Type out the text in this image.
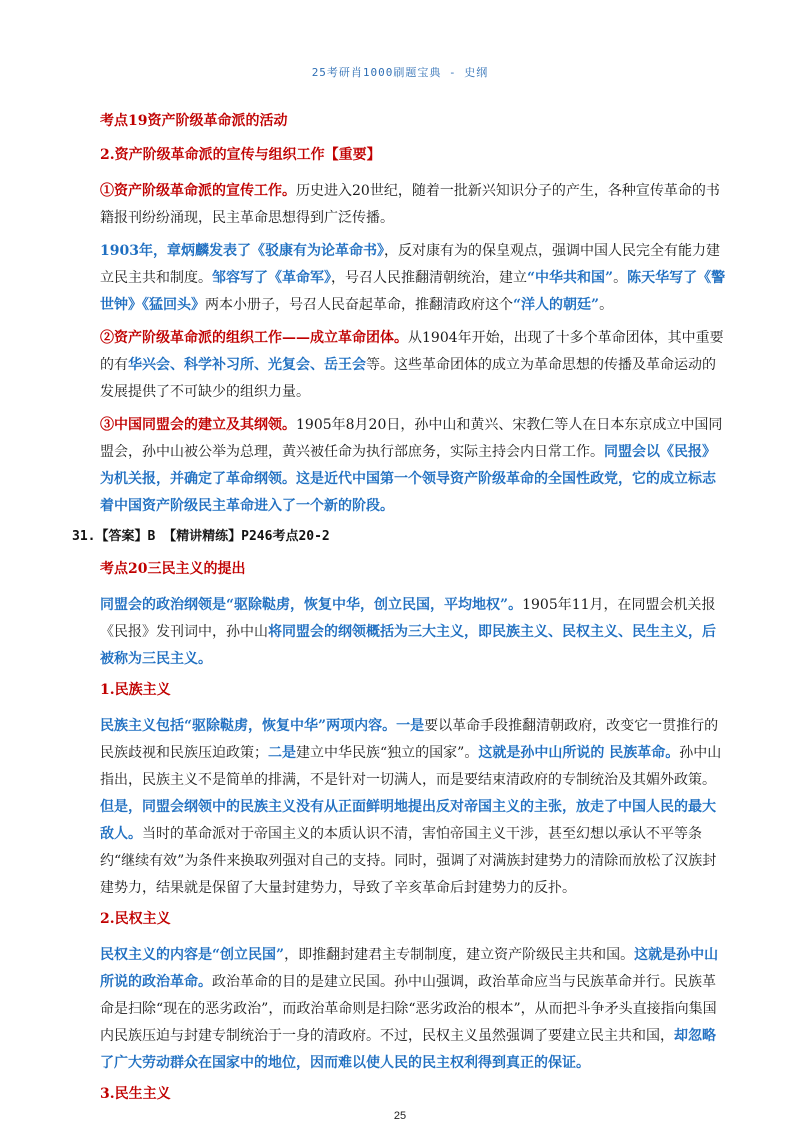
25考研肖1000刷题宝典 - 史纲
考点19资产阶级革命派的活动
2.资产阶级革命派的宣传与组织工作【重要】

①资产阶级革命派的宣传工作。历史进入20世纪，随着一批新兴知识分子的产生，各种宣传革命的书籍报刊纷纷涌现，民主革命思想得到广泛传播。

1903年，章炳麟发表了《驳康有为论革命书》，反对康有为的保皇观点，强调中国人民完全有能力建立民主共和制度。邹容写了《革命军》，号召人民推翻清朝统治，建立“中华共和国”。陈天华写了《警世钟》《猛回头》两本小册子，号召人民奋起革命，推翻清政府这个“洋人的朝廷”。

②资产阶级革命派的组织工作——成立革命团体。从1904年开始，出现了十多个革命团体，其中重要的有华兴会、科学补习所、光复会、岳王会等。这些革命团体的成立为革命思想的传播及革命运动的发展提供了不可缺少的组织力量。

③中国同盟会的建立及其纲领。1905年8月20日，孙中山和黄兴、宋教仁等人在日本东京成立中国同盟会，孙中山被公举为总理，黄兴被任命为执行部庶务，实际主持会内日常工作。同盟会以《民报》为机关报，并确定了革命纲领。这是近代中国第一个领导资产阶级革命的全国性政党，它的成立标志着中国资产阶级民主革命进入了一个新的阶段。

31.【答案】B 【精讲精练】P246考点20-2
考点20三民主义的提出

同盟会的政治纲领是“驱除鞑虏，恢复中华，创立民国，平均地权”。1905年11月，在同盟会机关报《民报》发刊词中，孙中山将同盟会的纲领概括为三大主义，即民族主义、民权主义、民生主义，后被称为三民主义。

1.民族主义

民族主义包括“驱除鞑虏，恢复中华”两项内容。一是要以革命手段推翻清朝政府，改变它一贯推行的民族歧视和民族压迫政策；二是建立中华民族“独立的国家”。这就是孙中山所说的 民族革命。孙中山指出，民族主义不是简单的排满，不是针对一切满人，而是要结束清政府的专制统治及其媚外政策。但是，同盟会纲领中的民族主义没有从正面鲜明地提出反对帝国主义的主张，放走了中国人民的最大敌人。当时的革命派对于帝国主义的本质认识不清，害怕帝国主义干涉，甚至幻想以承认不平等条约“继续有效”为条件来换取列强对自己的支持。同时，强调了对满族封建势力的清除而放松了汉族封建势力，结果就是保留了大量封建势力，导致了辛亥革命后封建势力的反扑。

2.民权主义

民权主义的内容是“创立民国”，即推翻封建君主专制制度，建立资产阶级民主共和国。这就是孙中山所说的政治革命。政治革命的目的是建立民国。孙中山强调，政治革命应当与民族革命并行。民族革命是扫除“现在的恶劣政治”，而政治革命则是扫除“恶劣政治的根本”，从而把斗争矛头直接指向集国内民族压迫与封建专制统治于一身的清政府。不过，民权主义虽然强调了要建立民主共和国，却忽略了广大劳动群众在国家中的地位，因而难以使人民的民主权利得到真正的保证。

3.民生主义
25
